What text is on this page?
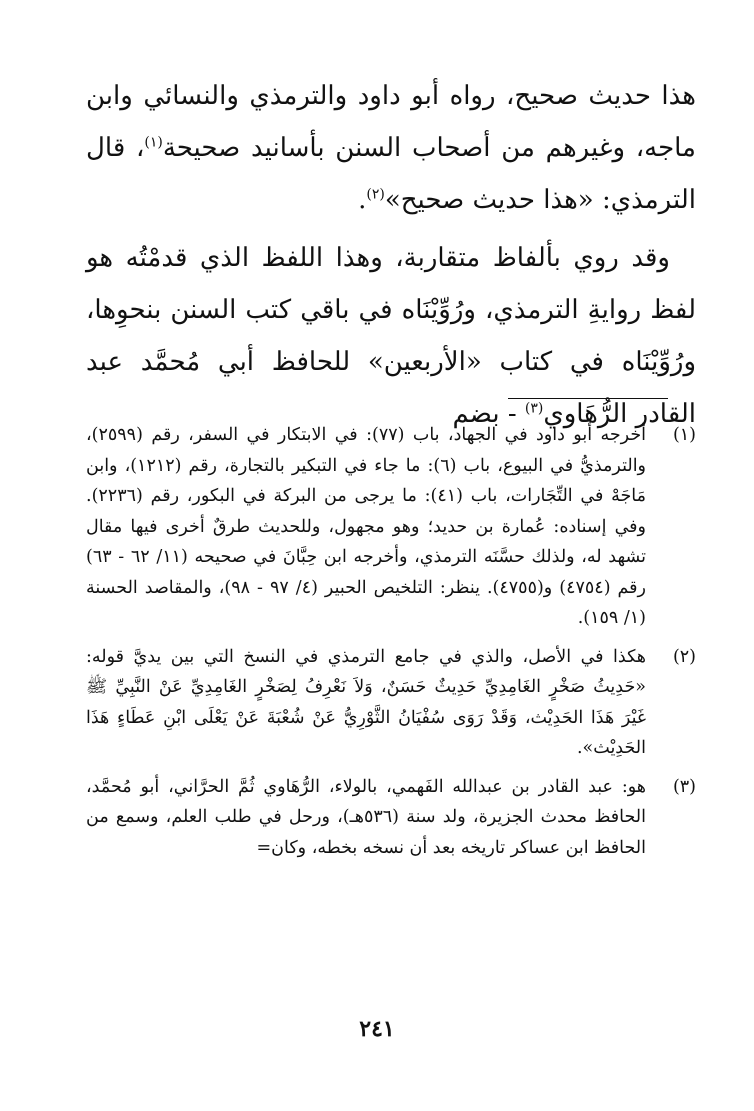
هذا حديث صحيح، رواه أبو داود والترمذي والنسائي وابن ماجه، وغيرهم من أصحاب السنن بأسانيد صحيحة$^{(١)}$، قال الترمذي: «هذا حديث صحيح»$^{(٢)}$.

وقد روي بألفاظ متقاربة، وهذا اللفظ الذي قدمْتُه هو لفظ روايةِ الترمذي، ورُوِّيْنَاه في باقي كتب السنن بنحوِها، ورُوِّيْنَاه في كتاب «الأربعين» للحافظ أبي مُحمَّد عبد القادر الرُّهَاوي$^{(٣)}$ - بضم

(١)
أخرجه أبو داود في الجهاد، باب (٧٧): في الابتكار في السفر، رقم (٢٥٩٩)، والترمذيُّ في البيوع، باب (٦): ما جاء في التبكير بالتجارة، رقم (١٢١٢)، وابن مَاجَهْ في التِّجَارات، باب (٤١): ما يرجى من البركة في البكور، رقم (٢٢٣٦). وفي إسناده: عُمارة بن حديد؛ وهو مجهول، وللحديث طرقٌ أخرى فيها مقال تشهد له، ولذلك حسَّنَه الترمذي، وأخرجه ابن حِبَّانَ في صحيحه (١١/ ٦٢ - ٦٣) رقم (٤٧٥٤) و(٤٧٥٥). ينظر: التلخيص الحبير (٤/ ٩٧ - ٩٨)، والمقاصد الحسنة (١/ ١٥٩).
(٢)
هكذا في الأصل، والذي في جامع الترمذي في النسخ التي بين يديَّ قوله: «حَدِيثُ صَخْرٍ الغَامِدِيِّ حَدِيثٌ حَسَنٌ، وَلاَ نَعْرِفُ لِصَخْرٍ الغَامِدِيِّ عَنْ النَّبِيِّ ﷺ غَيْرَ هَذَا الحَدِيْث، وَقَدْ رَوَى سُفْيَانُ الثَّوْرِيُّ عَنْ شُعْبَةَ عَنْ يَعْلَى ابْنِ عَطَاءٍ هَذَا الحَدِيْث».
(٣)
هو: عبد القادر بن عبدالله الفَهمي، بالولاء، الرُّهَاوي ثُمَّ الحرَّاني، أبو مُحمَّد، الحافظ محدث الجزيرة، ولد سنة (٥٣٦هـ)، ورحل في طلب العلم، وسمع من الحافظ ابن عساكر تاريخه بعد أن نسخه بخطه، وكان=
٢٤١
